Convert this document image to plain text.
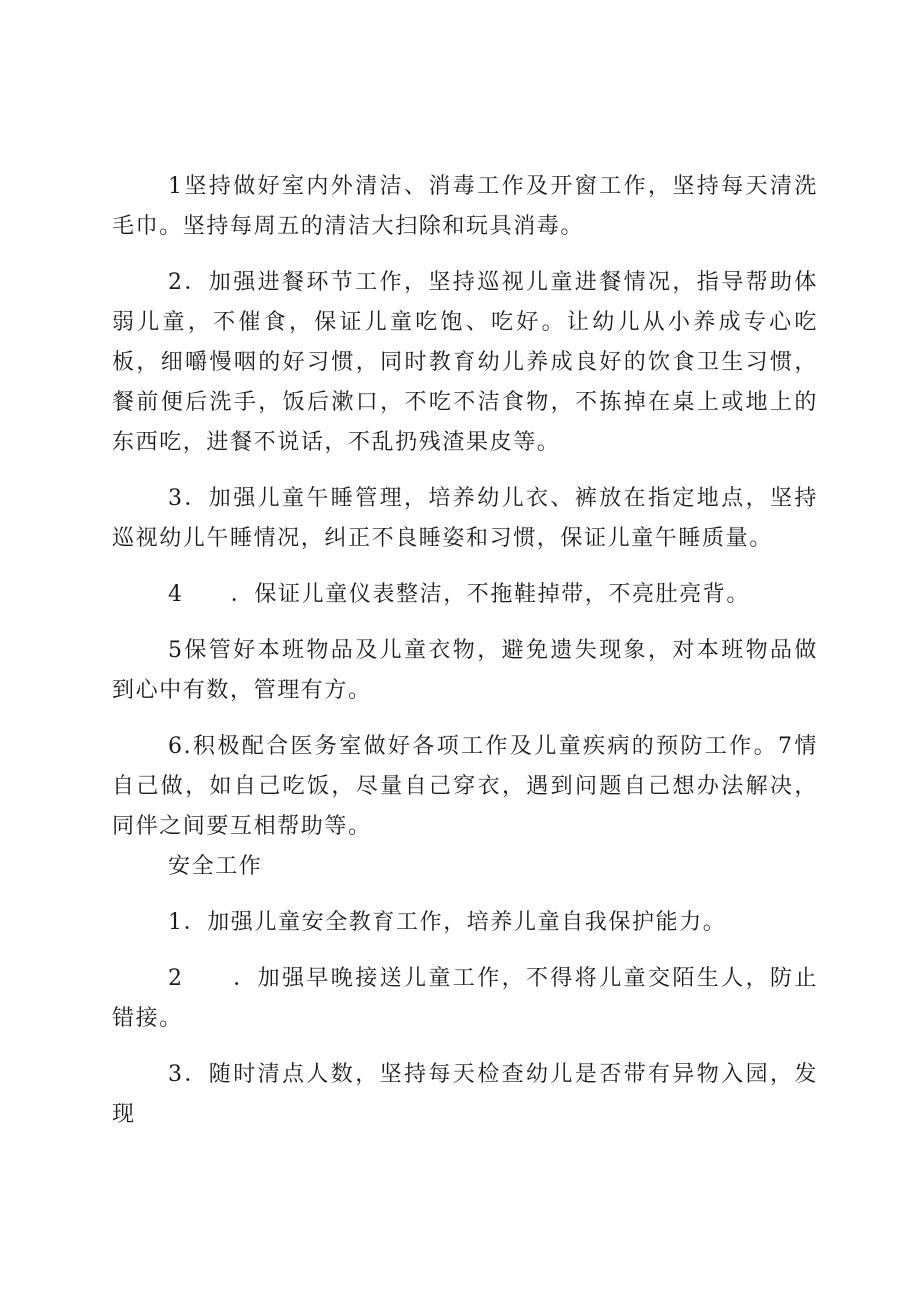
1坚持做好室内外清洁、消毒工作及开窗工作，坚持每天清洗毛巾。坚持每周五的清洁大扫除和玩具消毒。

2．加强进餐环节工作，坚持巡视儿童进餐情况，指导帮助体弱儿童，不催食，保证儿童吃饱、吃好。让幼儿从小养成专心吃板，细嚼慢咽的好习惯，同时教育幼儿养成良好的饮食卫生习惯，餐前便后洗手，饭后漱口，不吃不洁食物，不拣掉在桌上或地上的东西吃，进餐不说话，不乱扔残渣果皮等。

3．加强儿童午睡管理，培养幼儿衣、裤放在指定地点，坚持巡视幼儿午睡情况，纠正不良睡姿和习惯，保证儿童午睡质量。

4　　．保证儿童仪表整洁，不拖鞋掉带，不亮肚亮背。

5保管好本班物品及儿童衣物，避免遗失现象，对本班物品做到心中有数，管理有方。

6.积极配合医务室做好各项工作及儿童疾病的预防工作。7情自己做，如自己吃饭，尽量自己穿衣，遇到问题自己想办法解决，同伴之间要互相帮助等。

安全工作

1．加强儿童安全教育工作，培养儿童自我保护能力。

2　　．加强早晚接送儿童工作，不得将儿童交陌生人，防止错接。

3．随时清点人数，坚持每天检查幼儿是否带有异物入园，发现
